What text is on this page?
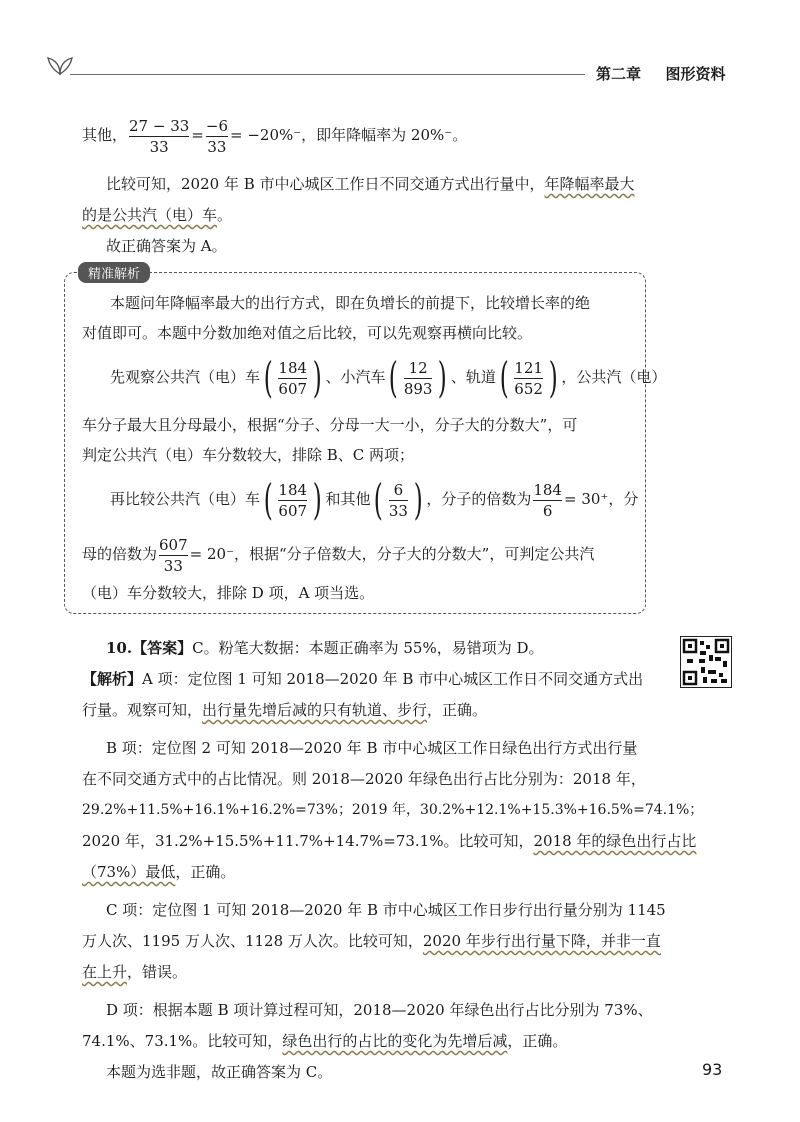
第二章 图形资料
其他， $\frac{27 - 33}{33} = \frac{-6}{33} = -20\%^-$，即年降幅率为 20%⁻。
比较可知，2020 年 B 市中心城区工作日不同交通方式出行量中，年降幅率最大
的是公共汽（电）车。
故正确答案为 A。
精准解析
本题问年降幅率最大的出行方式，即在负增长的前提下，比较增长率的绝
对值即可。本题中分数加绝对值之后比较，可以先观察再横向比较。
先观察公共汽（电）车 ( $\frac{184}{607}$ ) 、小汽车 ( $\frac{12}{893}$ ) 、轨道 ( $\frac{121}{652}$ ) ，公共汽（电）
车分子最大且分母最小，根据“分子、分母一大一小，分子大的分数大”，可
判定公共汽（电）车分数较大，排除 B、C 两项；
再比较公共汽（电）车 ( $\frac{184}{607}$ ) 和其他 ( $\frac{6}{33}$ ) ，分子的倍数为 $\frac{184}{6} = 30^+$，分
母的倍数为 $\frac{607}{33} = 20^-$，根据“分子倍数大，分子大的分数大”，可判定公共汽
（电）车分数较大，排除 D 项，A 项当选。
10.【答案】C。粉笔大数据：本题正确率为 55%，易错项为 D。
【解析】A 项：定位图 1 可知 2018—2020 年 B 市中心城区工作日不同交通方式出
行量。观察可知，出行量先增后减的只有轨道、步行，正确。
B 项：定位图 2 可知 2018—2020 年 B 市中心城区工作日绿色出行方式出行量
在不同交通方式中的占比情况。则 2018—2020 年绿色出行占比分别为：2018 年，
29.2%+11.5%+16.1%+16.2%=73%；2019 年，30.2%+12.1%+15.3%+16.5%=74.1%；
2020 年，31.2%+15.5%+11.7%+14.7%=73.1%。比较可知，2018 年的绿色出行占比
（73%）最低，正确。
C 项：定位图 1 可知 2018—2020 年 B 市中心城区工作日步行出行量分别为 1145
万人次、1195 万人次、1128 万人次。比较可知，2020 年步行出行量下降，并非一直
在上升，错误。
D 项：根据本题 B 项计算过程可知，2018—2020 年绿色出行占比分别为 73%、
74.1%、73.1%。比较可知，绿色出行的占比的变化为先增后减，正确。
本题为选非题，故正确答案为 C。	93
